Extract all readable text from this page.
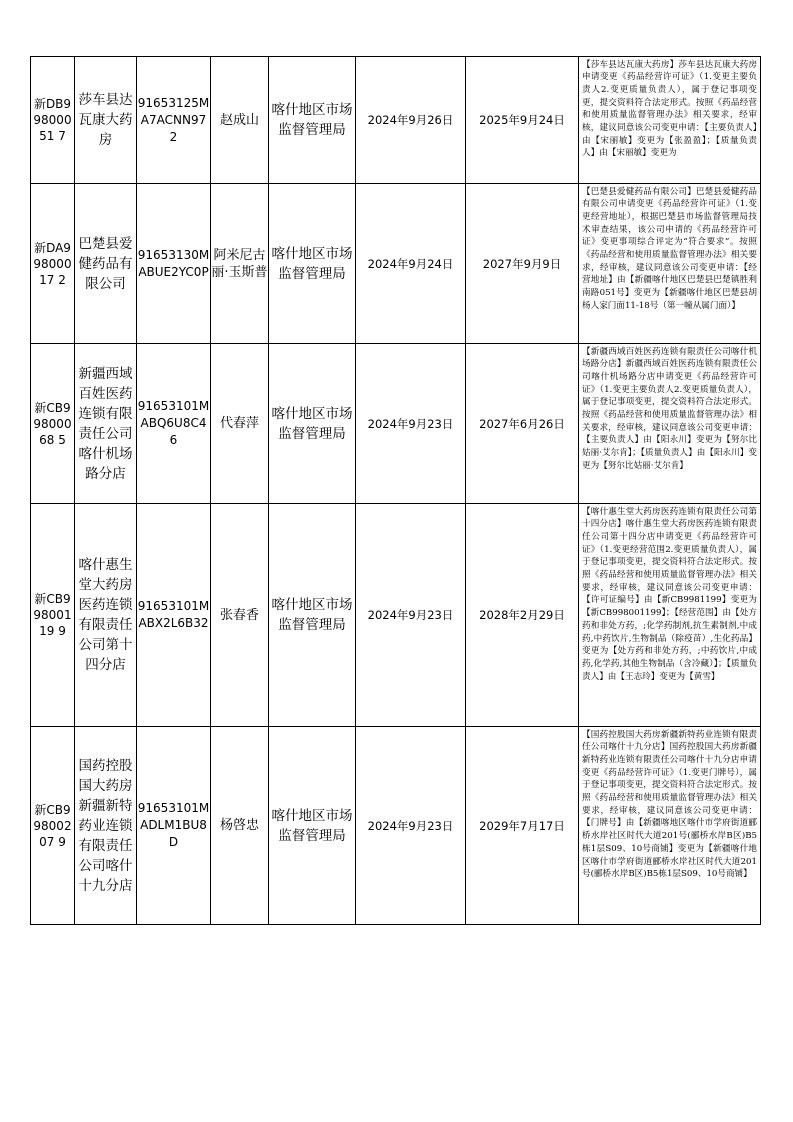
新DB99800051 7	莎车县达瓦康大药房	91653125MA7ACNN972	赵成山	喀什地区市场监督管理局	2024年9月26日	2025年9月24日	【莎车县达瓦康大药房】莎车县达瓦康大药房申请变更《药品经营许可证》（1.变更主要负责人2.变更质量负责人），属于登记事项变更，提交资料符合法定形式。按照《药品经营和使用质量监督管理办法》相关要求，经审核，建议同意该公司变更申请：【主要负责人】由【宋丽敏】变更为【张盈盈】；【质量负责人】由【宋丽敏】变更为

新DA99800017 2	巴楚县爱健药品有限公司	91653130MABUE2YC0P	阿米尼古丽·玉斯普	喀什地区市场监督管理局	2024年9月24日	2027年9月9日	【巴楚县爱健药品有限公司】巴楚县爱健药品有限公司申请变更《药品经营许可证》（1.变更经营地址），根据巴楚县市场监督管理局技术审查结果，该公司申请的《药品经营许可证》变更事项综合评定为“符合要求”。按照《药品经营和使用质量监督管理办法》相关要求，经审核，建议同意该公司变更申请：【经营地址】由【新疆喀什地区巴楚县巴楚镇胜利南路051号】变更为【新疆喀什地区巴楚县胡杨人家门面11-18号（第一幢从属门面）】

新CB99800068 5	新疆西域百姓医药连锁有限责任公司喀什机场路分店	91653101MABQ6U8C46	代春萍	喀什地区市场监督管理局	2024年9月23日	2027年6月26日	【新疆西域百姓医药连锁有限责任公司喀什机场路分店】新疆西域百姓医药连锁有限责任公司喀什机场路分店申请变更《药品经营许可证》（1.变更主要负责人2.变更质量负责人），属于登记事项变更，提交资料符合法定形式。按照《药品经营和使用质量监督管理办法》相关要求，经审核，建议同意该公司变更申请：【主要负责人】由【阳永川】变更为【努尔比姑丽·艾尔肯】；【质量负责人】由【阳永川】变更为【努尔比姑丽·艾尔肯】

新CB99800119 9	喀什惠生堂大药房医药连锁有限责任公司第十四分店	91653101MABX2L6B32	张春香	喀什地区市场监督管理局	2024年9月23日	2028年2月29日	【喀什惠生堂大药房医药连锁有限责任公司第十四分店】喀什惠生堂大药房医药连锁有限责任公司第十四分店申请变更《药品经营许可证》（1.变更经营范围2.变更质量负责人），属于登记事项变更，提交资料符合法定形式。按照《药品经营和使用质量监督管理办法》相关要求，经审核，建议同意该公司变更申请：【许可证编号】由【新CB9981199】变更为【新CB998001199】；【经营范围】由【处方药和非处方药，;化学药制剂,抗生素制剂,中成药,中药饮片,生物制品（除疫苗）,生化药品】变更为【处方药和非处方药，;中药饮片,中成药,化学药,其他生物制品（含冷藏）】；【质量负责人】由【王志玲】变更为【黄雪】

新CB99800207 9	国药控股国大药房新疆新特药业连锁有限责任公司喀什十九分店	91653101MADLM1BU8D	杨啓忠	喀什地区市场监督管理局	2024年9月23日	2029年7月17日	【国药控股国大药房新疆新特药业连锁有限责任公司喀什十九分店】国药控股国大药房新疆新特药业连锁有限责任公司喀什十九分店申请变更《药品经营许可证》（1.变更门牌号），属于登记事项变更，提交资料符合法定形式。按照《药品经营和使用质量监督管理办法》相关要求，经审核，建议同意该公司变更申请：【门牌号】由【新疆喀地区喀什市学府街道郦桥水岸社区时代大道201号(郦桥水岸B区)B5栋1层S09、10号商铺】变更为【新疆喀什地区喀什市学府街道郦桥水岸社区时代大道201号(郦桥水岸B区)B5栋1层S09、10号商铺】
